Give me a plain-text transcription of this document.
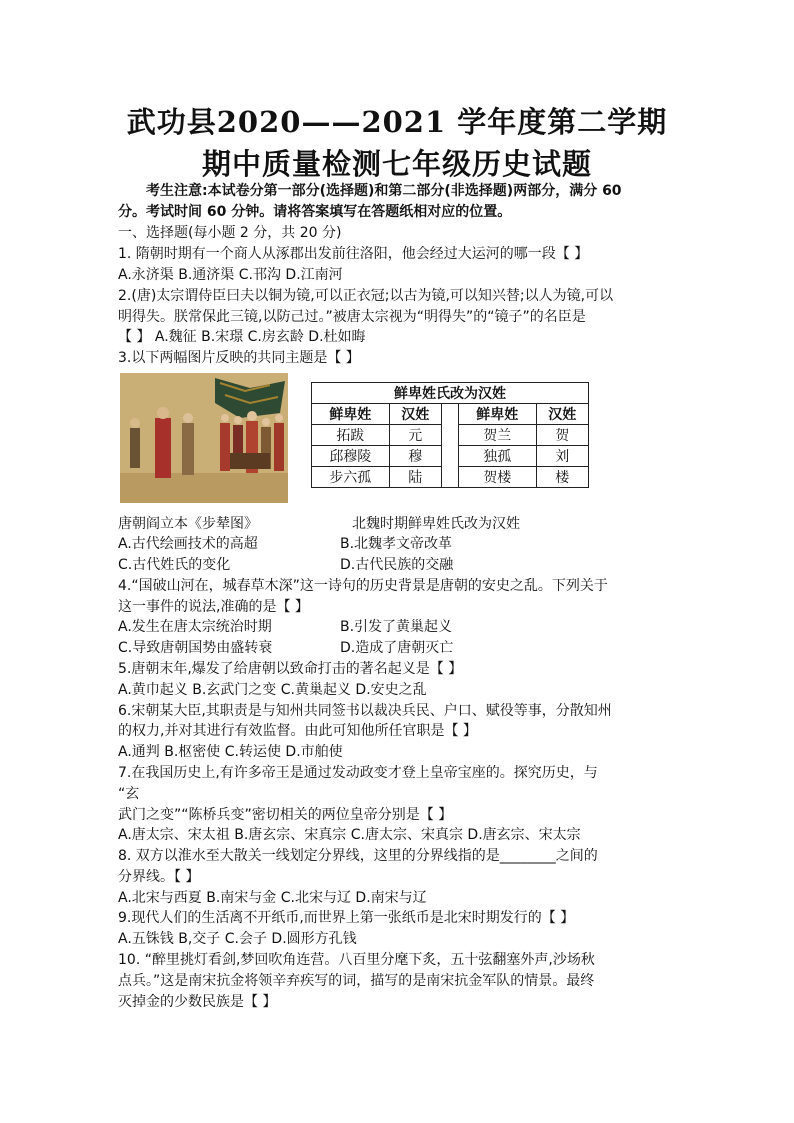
武功县2020——2021 学年度第二学期
期中质量检测七年级历史试题
考生注意:本试卷分第一部分(选择题)和第二部分(非选择题)两部分，满分 60
分。考试时间 60 分钟。请将答案填写在答题纸相对应的位置。
一、选择题(每小题 2 分，共 20 分)
1. 隋朝时期有一个商人从涿郡出发前往洛阳，他会经过大运河的哪一段【 】
A.永济渠 B.通济渠 C.邗沟 D.江南河
2.(唐)太宗谓侍臣曰夫以铜为镜,可以正衣冠;以古为镜,可以知兴替;以人为镜,可以
明得失。朕常保此三镜,以防己过。”被唐太宗视为“明得失”的“镜子”的名臣是
【 】 A.魏征 B.宋璟 C.房玄龄 D.杜如晦
3.以下两幅图片反映的共同主题是【 】
鲜卑姓氏改为汉姓				
鲜卑姓	汉姓		鲜卑姓	汉姓
拓跋	元		贺兰	贺
邱穆陵	穆		独孤	刘
步六孤	陆		贺楼	楼
唐朝阎立本《步辇图》	北魏时期鲜卑姓氏改为汉姓
A.古代绘画技术的高超	B.北魏孝文帝改革
C.古代姓氏的变化	D.古代民族的交融
4.“国破山河在，城春草木深”这一诗句的历史背景是唐朝的安史之乱。下列关于
这一事件的说法,准确的是【 】
A.发生在唐太宗统治时期	B.引发了黄巢起义
C.导致唐朝国势由盛转衰	D.造成了唐朝灭亡
5.唐朝末年,爆发了给唐朝以致命打击的著名起义是【 】
A.黄巾起义 B.玄武门之变 C.黄巢起义 D.安史之乱
6.宋朝某大臣,其职责是与知州共同签书以裁决兵民、户口、赋役等事，分散知州
的权力,并对其进行有效监督。由此可知他所任官职是【 】
A.通判 B.枢密使 C.转运使 D.市舶使
7.在我国历史上,有许多帝王是通过发动政变才登上皇帝宝座的。探究历史，与
“玄
武门之变”“陈桥兵变”密切相关的两位皇帝分别是【 】
A.唐太宗、宋太祖 B.唐玄宗、宋真宗 C.唐太宗、宋真宗 D.唐玄宗、宋太宗
8. 双方以淮水至大散关一线划定分界线，这里的分界线指的是________之间的
分界线。【 】
A.北宋与西夏 B.南宋与金 C.北宋与辽 D.南宋与辽
9.现代人们的生活离不开纸币,而世界上第一张纸币是北宋时期发行的【 】
A.五铢钱 B,交子 C.会子 D.圆形方孔钱
10. “醉里挑灯看剑,梦回吹角连营。八百里分麾下炙，五十弦翻塞外声,沙场秋
点兵。”这是南宋抗金将领辛弃疾写的词，描写的是南宋抗金军队的情景。最终
灭掉金的少数民族是【 】
